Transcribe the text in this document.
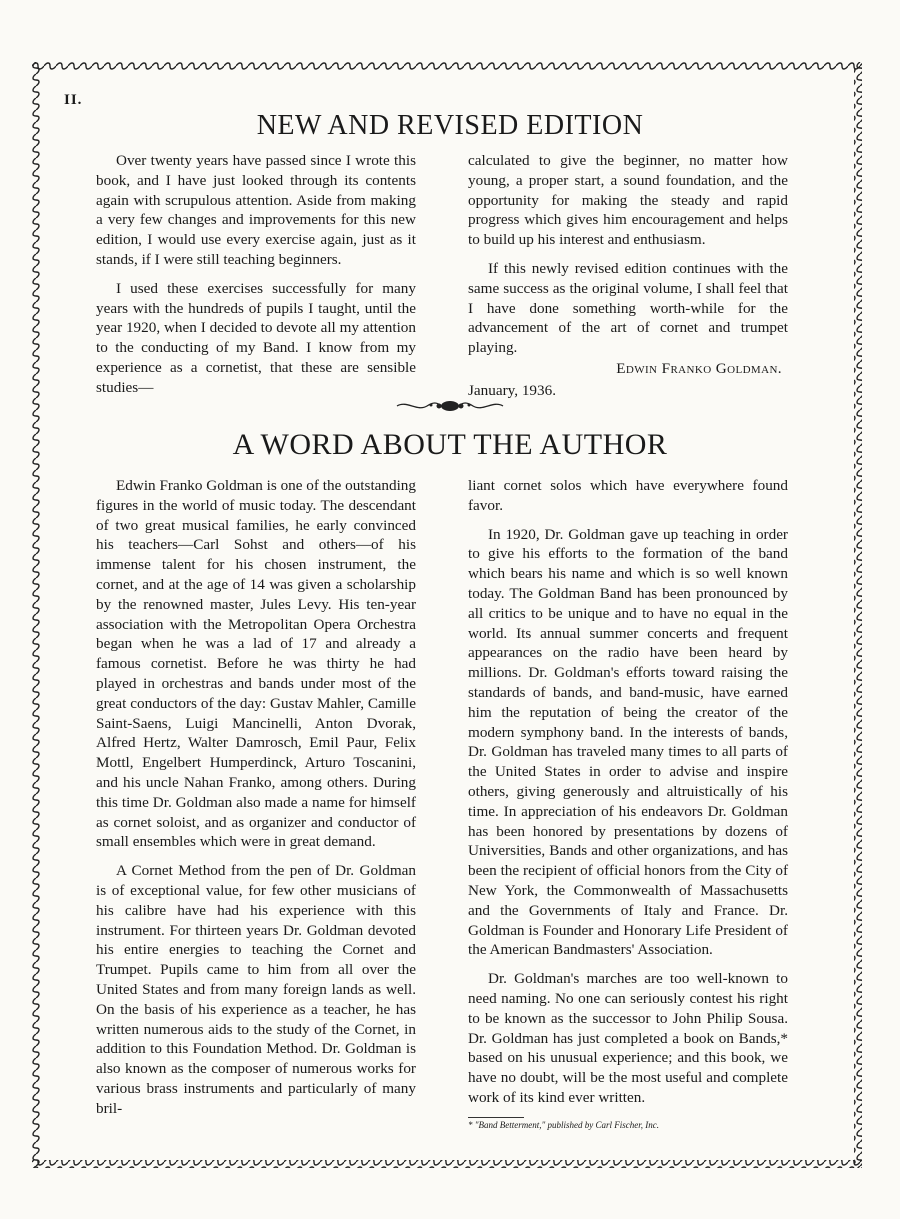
II.
NEW AND REVISED EDITION

Over twenty years have passed since I wrote this book, and I have just looked through its contents again with scrupulous attention. Aside from making a very few changes and improvements for this new edition, I would use every exercise again, just as it stands, if I were still teaching beginners.

I used these exercises successfully for many years with the hundreds of pupils I taught, until the year 1920, when I decided to devote all my attention to the conducting of my Band. I know from my experience as a cornetist, that these are sensible studies—

calculated to give the beginner, no matter how young, a proper start, a sound foundation, and the opportunity for making the steady and rapid progress which gives him encouragement and helps to build up his interest and enthusiasm.

If this newly revised edition continues with the same success as the original volume, I shall feel that I have done something worth-while for the advancement of the art of cornet and trumpet playing.

Edwin Franko Goldman.
January, 1936.
A WORD ABOUT THE AUTHOR

Edwin Franko Goldman is one of the outstanding figures in the world of music today. The descendant of two great musical families, he early convinced his teachers—Carl Sohst and others—of his immense talent for his chosen instrument, the cornet, and at the age of 14 was given a scholarship by the renowned master, Jules Levy. His ten-year association with the Metropolitan Opera Orchestra began when he was a lad of 17 and already a famous cornetist. Before he was thirty he had played in orchestras and bands under most of the great conductors of the day: Gustav Mahler, Camille Saint-Saens, Luigi Mancinelli, Anton Dvorak, Alfred Hertz, Walter Damrosch, Emil Paur, Felix Mottl, Engelbert Humperdinck, Arturo Toscanini, and his uncle Nahan Franko, among others. During this time Dr. Goldman also made a name for himself as cornet soloist, and as organizer and conductor of small ensembles which were in great demand.

A Cornet Method from the pen of Dr. Goldman is of exceptional value, for few other musicians of his calibre have had his experience with this instrument. For thirteen years Dr. Goldman devoted his entire energies to teaching the Cornet and Trumpet. Pupils came to him from all over the United States and from many foreign lands as well. On the basis of his experience as a teacher, he has written numerous aids to the study of the Cornet, in addition to this Foundation Method. Dr. Goldman is also known as the composer of numerous works for various brass instruments and particularly of many bril-

liant cornet solos which have everywhere found favor.

In 1920, Dr. Goldman gave up teaching in order to give his efforts to the formation of the band which bears his name and which is so well known today. The Goldman Band has been pronounced by all critics to be unique and to have no equal in the world. Its annual summer concerts and frequent appearances on the radio have been heard by millions. Dr. Goldman's efforts toward raising the standards of bands, and band-music, have earned him the reputation of being the creator of the modern symphony band. In the interests of bands, Dr. Goldman has traveled many times to all parts of the United States in order to advise and inspire others, giving generously and altruistically of his time. In appreciation of his endeavors Dr. Goldman has been honored by presentations by dozens of Universities, Bands and other organizations, and has been the recipient of official honors from the City of New York, the Commonwealth of Massachusetts and the Governments of Italy and France. Dr. Goldman is Founder and Honorary Life President of the American Bandmasters' Association.

Dr. Goldman's marches are too well-known to need naming. No one can seriously contest his right to be known as the successor to John Philip Sousa. Dr. Goldman has just completed a book on Bands,* based on his unusual experience; and this book, we have no doubt, will be the most useful and complete work of its kind ever written.

* "Band Betterment," published by Carl Fischer, Inc.
